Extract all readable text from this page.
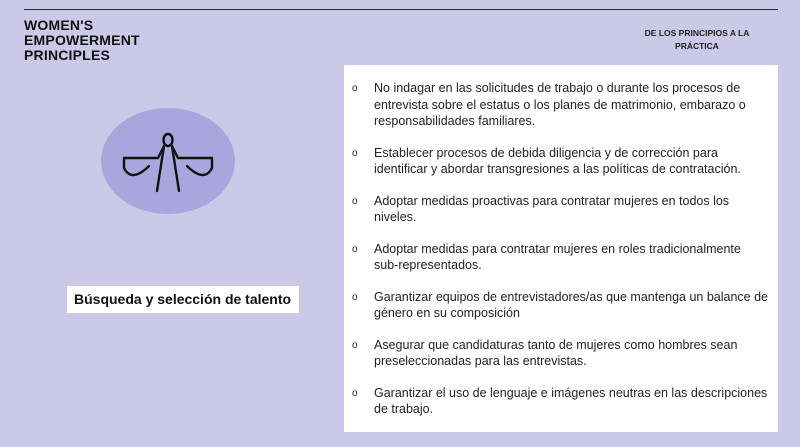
WOMEN'S
EMPOWERMENT
PRINCIPLES
DE LOS PRINCIPIOS A LA PRÁCTICA
Búsqueda y selección de talento
o No indagar en las solicitudes de trabajo o durante los procesos de entrevista sobre el estatus o los planes de matrimonio, embarazo o responsabilidades familiares.
o Establecer procesos de debida diligencia y de corrección para identificar y abordar transgresiones a las políticas de contratación.
o Adoptar medidas proactivas para contratar mujeres en todos los niveles.
o Adoptar medidas para contratar mujeres en roles tradicionalmente sub-representados.
o Garantizar equipos de entrevistadores/as que mantenga un balance de género en su composición
o Asegurar que candidaturas tanto de mujeres como hombres sean preseleccionadas para las entrevistas.
o Garantizar el uso de lenguaje e imágenes neutras en las descripciones de trabajo.
